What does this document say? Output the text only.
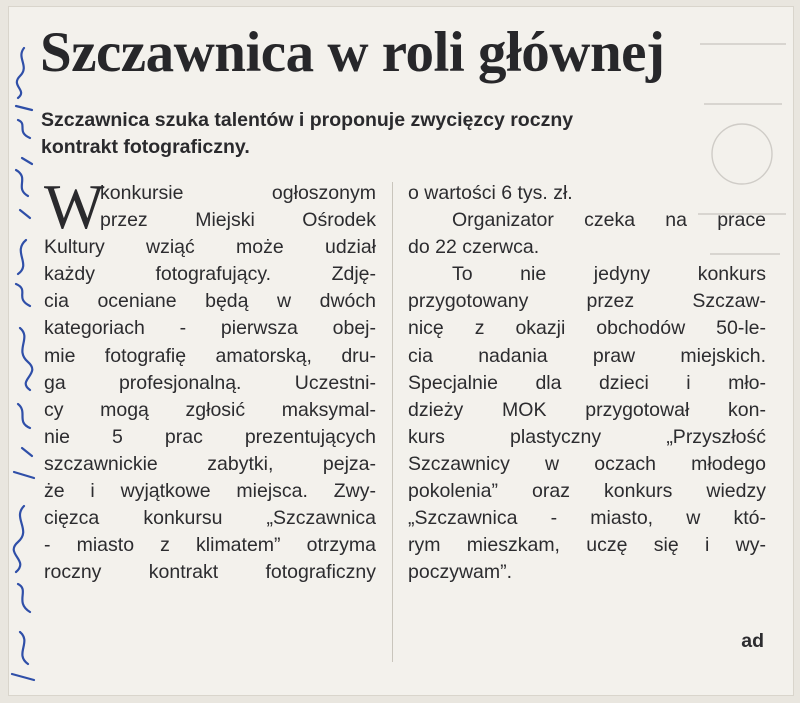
Szczawnica w roli głównej

Szczawnica szuka talentów i proponuje zwycięzcy roczny
kontrakt fotograficzny.

W
konkursie ogłoszonym
przez Miejski Ośrodek
Kultury wziąć może udział
każdy fotografujący. Zdję-
cia oceniane będą w dwóch
kategoriach - pierwsza obej-
mie fotografię amatorską, dru-
ga profesjonalną. Uczestni-
cy mogą zgłosić maksymal-
nie 5 prac prezentujących
szczawnickie zabytki, pejza-
że i wyjątkowe miejsca. Zwy-
cięzca konkursu „Szczawnica
- miasto z klimatem” otrzyma
roczny kontrakt fotograficzny
o wartości 6 tys. zł.
Organizator czeka na prace
do 22 czerwca.
To nie jedyny konkurs
przygotowany przez Szczaw-
nicę z okazji obchodów 50-le-
cia nadania praw miejskich.
Specjalnie dla dzieci i mło-
dzieży MOK przygotował kon-
kurs plastyczny „Przyszłość
Szczawnicy w oczach młodego
pokolenia” oraz konkurs wiedzy
„Szczawnica - miasto, w któ-
rym mieszkam, uczę się i wy-
poczywam”.
ad
